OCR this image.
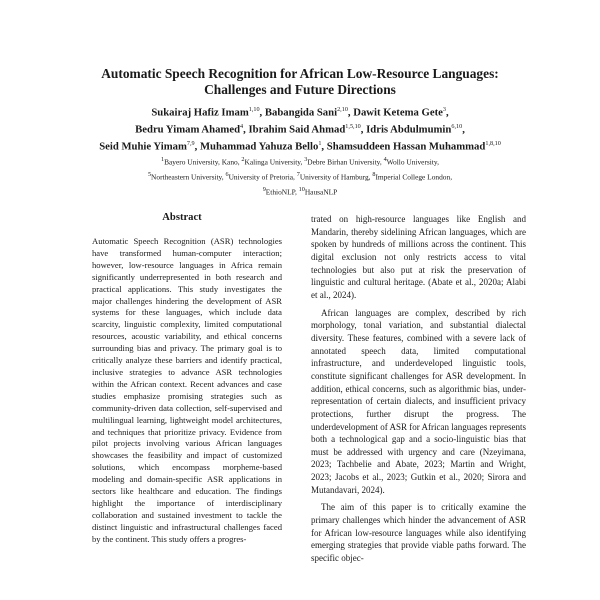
Automatic Speech Recognition for African Low-Resource Languages:
Challenges and Future Directions
Sukairaj Hafiz Imam$^{1,10}$, Babangida Sani$^{2,10}$, Dawit Ketema Gete$^3$,
Bedru Yimam Ahamed$^4$, Ibrahim Said Ahmad$^{1,5,10}$, Idris Abdulmumin$^{6,10}$,
Seid Muhie Yimam$^{7,9}$, Muhammad Yahuza Bello$^1$, Shamsuddeen Hassan Muhammad$^{1,8,10}$
$^1$Bayero University, Kano, $^2$Kalinga University, $^3$Debre Birhan University, $^4$Wollo University,
$^5$Northeastern University, $^6$University of Pretoria, $^7$University of Hamburg, $^8$Imperial College London,
$^9$EthioNLP, $^{10}$HausaNLP
Abstract
Automatic Speech Recognition (ASR) technologies have transformed human-computer interaction; however, low-resource languages in Africa remain significantly underrepresented in both research and practical applications. This study investigates the major challenges hindering the development of ASR systems for these languages, which include data scarcity, linguistic complexity, limited computational resources, acoustic variability, and ethical concerns surrounding bias and privacy. The primary goal is to critically analyze these barriers and identify practical, inclusive strategies to advance ASR technologies within the African context. Recent advances and case studies emphasize promising strategies such as community-driven data collection, self-supervised and multilingual learning, lightweight model architectures, and techniques that prioritize privacy. Evidence from pilot projects involving various African languages showcases the feasibility and impact of customized solutions, which encompass morpheme-based modeling and domain-specific ASR applications in sectors like healthcare and education. The findings highlight the importance of interdisciplinary collaboration and sustained investment to tackle the distinct linguistic and infrastructural challenges faced by the continent. This study offers a progres-

trated on high-resource languages like English and Mandarin, thereby sidelining African languages, which are spoken by hundreds of millions across the continent. This digital exclusion not only restricts access to vital technologies but also put at risk the preservation of linguistic and cultural heritage. (Abate et al., 2020a; Alabi et al., 2024).

African languages are complex, described by rich morphology, tonal variation, and substantial dialectal diversity. These features, combined with a severe lack of annotated speech data, limited computational infrastructure, and underdeveloped linguistic tools, constitute significant challenges for ASR development. In addition, ethical concerns, such as algorithmic bias, under-representation of certain dialects, and insufficient privacy protections, further disrupt the progress. The underdevelopment of ASR for African languages represents both a technological gap and a socio-linguistic bias that must be addressed with urgency and care (Nzeyimana, 2023; Tachbelie and Abate, 2023; Martin and Wright, 2023; Jacobs et al., 2023; Gutkin et al., 2020; Sirora and Mutandavari, 2024).

The aim of this paper is to critically examine the primary challenges which hinder the advancement of ASR for African low-resource languages while also identifying emerging strategies that provide viable paths forward. The specific objec-
